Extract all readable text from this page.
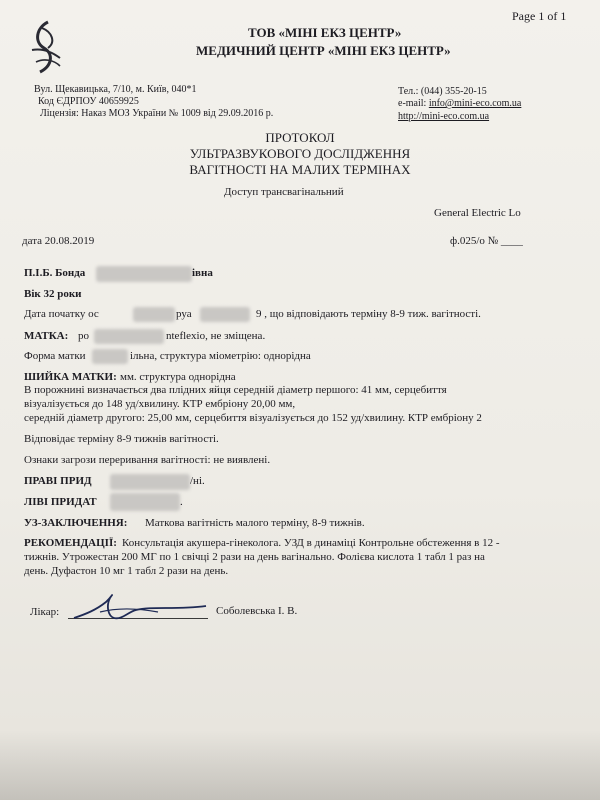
Page 1 of 1
ТОВ «МІНІ ЕКЗ ЦЕНТР»
МЕДИЧНИЙ ЦЕНТР «МІНІ ЕКЗ ЦЕНТР»
Вул. Щекавицька, 7/10, м. Київ, 040*1
Код ЄДРПОУ 40659925
Ліцензія: Наказ МОЗ України № 1009 від 29.09.2016 р.
Тел.: (044) 355-20-15
e-mail: info@mini-eco.com.ua
http://mini-eco.com.ua
ПРОТОКОЛ
УЛЬТРАЗВУКОВОГО ДОСЛІДЖЕННЯ
ВАГІТНОСТІ НА МАЛИХ ТЕРМІНАХ
Доступ трансвагінальний
General Electric Lo
дата 20.08.2019	ф.025/о № ____
П.І.Б. Бонда	івна
Вік 32 роки
Дата початку ос	руа	9 , що відповідають терміну 8-9 тиж. вагітності.
МАТКА: ро	nteflexio, не зміщена.
Форма матки	ільна, структура міометрію: однорідна
ШИЙКА МАТКИ: мм. структура однорідна
В порожнині визначається два плідних яйця середній діаметр першого: 41 мм, серцебиття
візуалізується до 148 уд/хвилину. КТР ембріону 20,00 мм,
середній діаметр другого: 25,00 мм, серцебиття візуалізується до 152 уд/хвилину. КТР ембріону 2
Відповідає терміну 8-9 тижнів вагітності.
Ознаки загрози переривання вагітності: не виявлені.
ПРАВІ ПРИД	/ні.
ЛІВІ ПРИДАТ	.
УЗ-ЗАКЛЮЧЕННЯ: Маткова вагітність малого терміну, 8-9 тижнів.
РЕКОМЕНДАЦІЇ: Консультація акушера-гінеколога. УЗД в динаміці Контрольне обстеження в 12 -
тижнів. Утрожестан 200 МГ по 1 свічці 2 рази на день вагінально. Фолієва кислота 1 табл 1 раз на
день. Дуфастон 10 мг 1 табл 2 рази на день.
Лікар:	Соболевська І. В.
